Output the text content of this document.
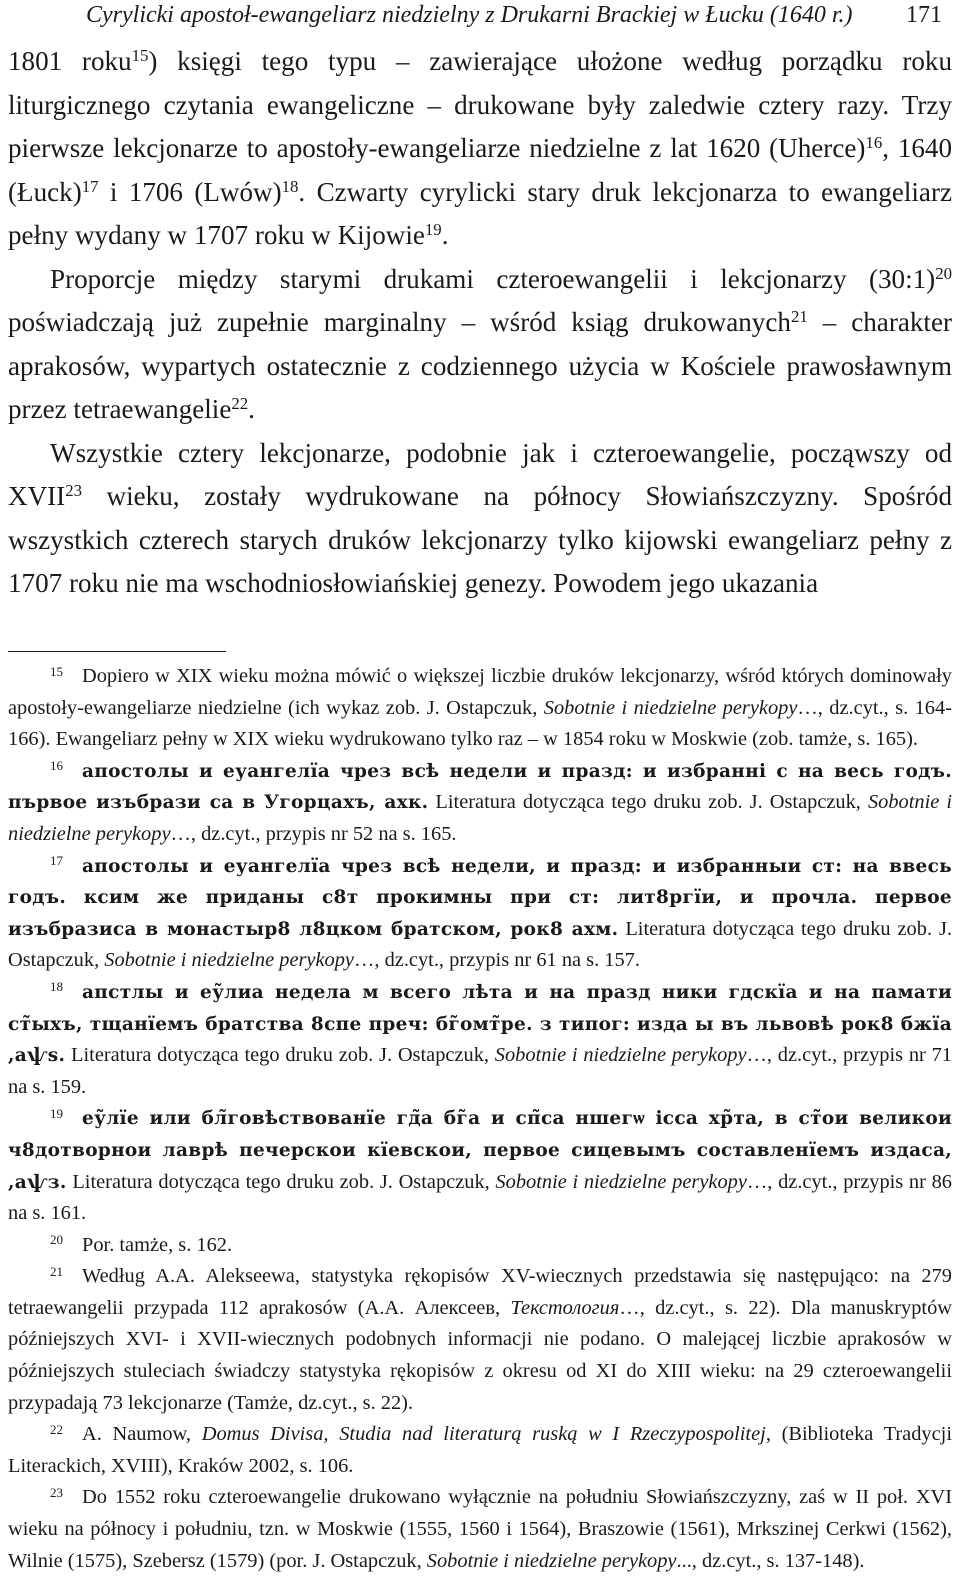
Cyrylicki apostoł-ewangeliarz niedzielny z Drukarni Brackiej w Łucku (1640 r.) 171

1801 roku$^{15}$) księgi tego typu – zawierające ułożone według porządku roku liturgicznego czytania ewangeliczne – drukowane były zaledwie cztery razy. Trzy pierwsze lekcjonarze to apostoły-ewangeliarze niedzielne z lat 1620 (Uherce)$^{16}$, 1640 (Łuck)$^{17}$ i 1706 (Lwów)$^{18}$. Czwarty cyrylicki stary druk lekcjonarza to ewangeliarz pełny wydany w 1707 roku w Kijowie$^{19}$.

Proporcje między starymi drukami czteroewangelii i lekcjonarzy (30:1)$^{20}$ poświadczają już zupełnie marginalny – wśród ksiąg drukowanych$^{21}$ – charakter aprakosów, wypartych ostatecznie z codziennego użycia w Kościele prawosławnym przez tetraewangelie$^{22}$.

Wszystkie cztery lekcjonarze, podobnie jak i czteroewangelie, począwszy od XVII$^{23}$ wieku, zostały wydrukowane na północy Słowiańszczyzny. Spośród wszystkich czterech starych druków lekcjonarzy tylko kijowski ewangeliarz pełny z 1707 roku nie ma wschodniosłowiańskiej genezy. Powodem jego ukazania

15 Dopiero w XIX wieku można mówić o większej liczbie druków lekcjonarzy, wśród których dominowały apostoły-ewangeliarze niedzielne (ich wykaz zob. J. Ostapczuk, Sobotnie i niedzielne perykopy…, dz.cyt., s. 164-166). Ewangeliarz pełny w XIX wieku wydrukowano tylko raz – w 1854 roku w Moskwie (zob. tamże, s. 165).

16 апостолы и еуангелїа чрез всѣ недели и празд: и избранні с на весь годъ. първое изъбрази са в Угорцахъ, ахк. Literatura dotycząca tego druku zob. J. Ostapczuk, Sobotnie i niedzielne perykopy…, dz.cyt., przypis nr 52 na s. 165.

17 апостолы и еуангелїа чрез всѣ недели, и празд: и избранныи ст: на ввесь годъ. ксим же приданы с8т прокимны при ст: лит8ргїи, и прочла. первое изъбразиса в монастыр8 л8цком братском, рок8 ахм. Literatura dotycząca tego druku zob. J. Ostapczuk, Sobotnie i niedzielne perykopy…, dz.cyt., przypis nr 61 na s. 157.

18 апстлы и еу̃лиа недела м всего лѣта и на празд ники гдскїа и на памати ст̃ыхъ, тщанїемъ братства 8спе преч: бг̃омт̃ре. з типог: изда ы въ львовѣ рок8 бжїа ,аѱѕ. Literatura dotycząca tego druku zob. J. Ostapczuk, Sobotnie i niedzielne perykopy…, dz.cyt., przypis nr 71 na s. 159.

19 еу̃лїе или бл̃говѣствованїе гд̃а бг̃а и сп̃са ншегѡ ісса хр̃та, в ст̃ои великои ч8дотворнои лаврѣ печерскои кїевскои, первое сицевымъ составленїемъ издаса, ,аѱз. Literatura dotycząca tego druku zob. J. Ostapczuk, Sobotnie i niedzielne perykopy…, dz.cyt., przypis nr 86 na s. 161.

20 Por. tamże, s. 162.

21 Według A.A. Alekseewa, statystyka rękopisów XV-wiecznych przedstawia się następująco: na 279 tetraewangelii przypada 112 aprakosów (А.А. Алексеев, Текстология…, dz.cyt., s. 22). Dla manuskryptów późniejszych XVI- i XVII-wiecznych podobnych informacji nie podano. O malejącej liczbie aprakosów w późniejszych stuleciach świadczy statystyka rękopisów z okresu od XI do XIII wieku: na 29 czteroewangelii przypadają 73 lekcjonarze (Tamże, dz.cyt., s. 22).

22 A. Naumow, Domus Divisa, Studia nad literaturą ruską w I Rzeczypospolitej, (Biblioteka Tradycji Literackich, XVIII), Kraków 2002, s. 106.

23 Do 1552 roku czteroewangelie drukowano wyłącznie na południu Słowiańszczyzny, zaś w II poł. XVI wieku na północy i południu, tzn. w Moskwie (1555, 1560 i 1564), Braszowie (1561), Mrkszinej Cerkwi (1562), Wilnie (1575), Szebersz (1579) (por. J. Ostapczuk, Sobotnie i niedzielne perykopy..., dz.cyt., s. 137-148).
